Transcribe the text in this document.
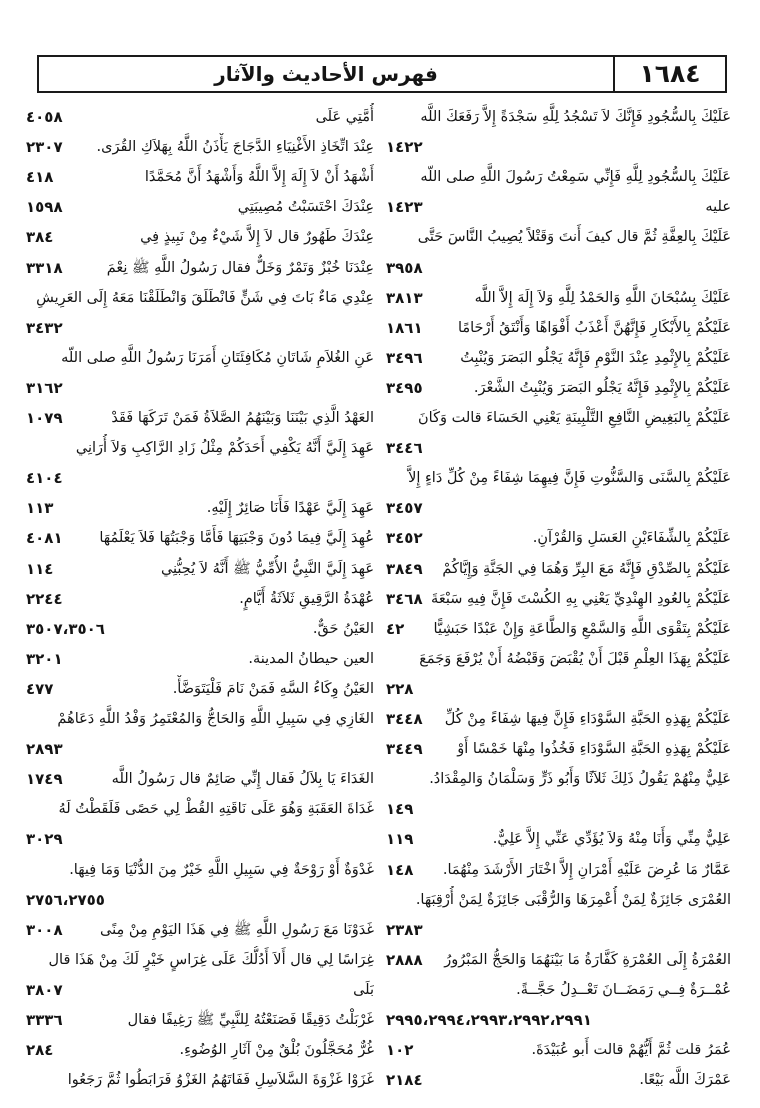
١٦٨٤
فهرس الأحاديث والآثار
عَلَيْكَ بِالسُّجُودِ فَإِنَّكَ لاَ تَسْجُدُ لِلَّهِ سَجْدَةً إِلاَّ رَفَعَكَ اللَّه
١٤٢٢
عَلَيْكَ بِالسُّجُودِ لِلَّهِ فَإِنِّي سَمِعْتُ رَسُولَ اللَّهِ صلى اللّه
عليه
١٤٢٣
عَلَيْكَ بِالعِفَّةِ ثُمَّ قال كيفَ أَنتَ وَقَتْلاً يُصِيبُ النَّاسَ حَتَّى
٣٩٥٨
عَلَيْكَ بِسُبْحَانَ اللَّهِ وَالحَمْدُ لِلَّهِ وَلاَ إِلَهَ إِلاَّ اللَّه
٣٨١٣
عَلَيْكُمْ بِالأَبْكَارِ فَإِنَّهُنَّ أَعْذَبُ أَفْوَاهًا وَأَنْتَقُ أَرْحَامًا
١٨٦١
عَلَيْكُمْ بِالإِثْمِدِ عِنْدَ النَّوْمِ فَإِنَّهُ يَجْلُو البَصَرَ وَيُنْبِتُ
٣٤٩٦
عَلَيْكُمْ بِالإِثْمِدِ فَإِنَّهُ يَجْلُو البَصَرَ وَيُنْبِتُ الشَّعْرَ.
٣٤٩٥
عَلَيْكُمْ بِالبَغِيضِ النَّافِعِ التَّلْبِينَةِ يَعْنِي الحَسَاءَ قالت وَكَانَ
٣٤٤٦
عَلَيْكُمْ بِالسَّنَى وَالسَّنُّوتِ فَإِنَّ فِيهِمَا شِفَاءً مِنْ كُلِّ دَاءٍ إِلاَّ
٣٤٥٧
عَلَيْكُمْ بِالشِّفَاءَيْنِ العَسَلِ وَالقُرْآنِ.
٣٤٥٢
عَلَيْكُمْ بِالصِّدْقِ فَإِنَّهُ مَعَ البِرِّ وَهُمَا فِي الجَنَّةِ وَإِيَّاكُمْ
٣٨٤٩
عَلَيْكُمْ بِالعُودِ الهِنْدِيِّ يَعْنِي بِهِ الكُسْتَ فَإِنَّ فِيهِ سَبْعَةَ
٣٤٦٨
عَلَيْكُمْ بِتَقْوَى اللَّهِ وَالسَّمْعِ وَالطَّاعَةِ وَإِنْ عَبْدًا حَبَشِيًّا
٤٢
عَلَيْكُمْ بِهَذَا العِلْمِ قَبْلَ أَنْ يُقْبَضَ وَقَبْضُهُ أَنْ يُرْفَعَ وَجَمَعَ
٢٢٨
عَلَيْكُمْ بِهَذِهِ الحَبَّةِ السَّوْدَاءِ فَإِنَّ فِيهَا شِفَاءً مِنْ كُلِّ
٣٤٤٨
عَلَيْكُمْ بِهَذِهِ الحَبَّةِ السَّوْدَاءِ فَخُذُوا مِنْهَا خَمْسًا أَوْ
٣٤٤٩
عَلِيٌّ مِنْهُمْ يَقُولُ ذَلِكَ ثَلاَثًا وَأَبُو ذَرٍّ وَسَلْمَانُ وَالمِقْدَادُ.
١٤٩
عَلِيٌّ مِنِّي وَأَنَا مِنْهُ وَلاَ يُؤَدِّي عَنِّي إِلاَّ عَلِيٌّ.
١١٩
عَمَّارٌ مَا عُرِضَ عَلَيْهِ أَمْرَانِ إِلاَّ اخْتَارَ الأَرْشَدَ مِنْهُمَا.
١٤٨
العُمْرَى جَائِزَةٌ لِمَنْ أُعْمِرَهَا وَالرُّقْبَى جَائِزَةٌ لِمَنْ أُرْقِبَهَا.
٢٣٨٣
العُمْرَةُ إِلَى العُمْرَةِ كَفَّارَةُ مَا بَيْنَهُمَا وَالحَجُّ المَبْرُورُ
٢٨٨٨
عُمْــرَةٌ فِــي رَمَضَــانَ تَعْــدِلُ حَجَّــةً.
٢٩٩٥،٢٩٩٤،٢٩٩٣،٢٩٩٢،٢٩٩١
عُمَرُ قلت ثُمَّ أَيُّهُمْ قالت أَبو عُبَيْدَةَ.
١٠٢
عَمْرَكَ اللَّه بَيْعًا.
٢١٨٤
أُمَّتِي عَلَى
٤٠٥٨
عِنْدَ اتِّخَاذِ الأَغْنِيَاءِ الدَّجَاجَ يَأْذَنُ اللَّهُ بِهَلاَكِ القُرَى.
٢٣٠٧
أَشْهَدُ أَنْ لاَ إِلَهَ إِلاَّ اللَّهُ وَأَشْهَدُ أَنَّ مُحَمَّدًا
٤١٨
عِنْدَكَ احْتَسَبْتُ مُصِيبَتِي
١٥٩٨
عِنْدَكَ طَهُورٌ قال لاَ إِلاَّ شَيْءٌ مِنْ نَبِيذٍ فِي
٣٨٤
عِنْدَنَا خُبْزٌ وَتَمْرٌ وَخَلٌّ فقال رَسُولُ اللَّهِ ﷺ نِعْمَ
٣٣١٨
عِنْدِي مَاءٌ بَاتَ فِي شَنٍّ فَانْطَلَقَ وَانْطَلَقْنَا مَعَهُ إِلَى العَرِيشِ
٣٤٣٢
عَنِ الغُلاَمِ شَاتَانِ مُكَافِئَتَانِ أَمَرَنَا رَسُولُ اللَّهِ صلى اللّه
٣١٦٢
العَهْدُ الَّذِي بَيْنَنَا وَبَيْنَهُمُ الصَّلاَةُ فَمَنْ تَرَكَهَا فَقَدْ
١٠٧٩
عَهِدَ إِلَيَّ أَنَّهُ يَكْفِي أَحَدَكُمْ مِثْلُ زَادِ الرَّاكِبِ وَلاَ أُرَانِي
٤١٠٤
عَهِدَ إِلَيَّ عَهْدًا فَأَنَا صَائِرٌ إِلَيْهِ.
١١٣
عُهِدَ إِلَيَّ فِيمَا دُونَ وَجْبَتِهَا فَأَمَّا وَجْبَتُهَا فَلاَ يَعْلَمُهَا
٤٠٨١
عَهِدَ إِلَيَّ النَّبِيُّ الأُمِّيُّ ﷺ أَنَّهُ لاَ يُحِبُّنِي
١١٤
عُهْدَةُ الرَّقِيقِ ثَلاَثَةُ أَيَّامٍ.
٢٢٤٤
العَيْنُ حَقٌّ.
٣٥٠٧،٣٥٠٦
العين حيطانُ المدينة.
٣٢٠١
العَيْنُ وِكَاءُ السَّهِ فَمَنْ نَامَ فَلْيَتَوَضَّأْ.
٤٧٧
الغَازِي فِي سَبِيلِ اللَّهِ وَالحَاجُّ وَالمُعْتَمِرُ وَفْدُ اللَّهِ دَعَاهُمْ
٢٨٩٣
الغَدَاءَ يَا بِلاَلُ فَقال إِنِّي صَائِمٌ قال رَسُولُ اللَّه
١٧٤٩
غَدَاةَ العَقَبَةِ وَهُوَ عَلَى نَاقَتِهِ القُطْ لِي حَصًى فَلَقَطْتُ لَهُ
٣٠٢٩
غَدْوَةٌ أَوْ رَوْحَةٌ فِي سَبِيلِ اللَّهِ خَيْرٌ مِنَ الدُّنْيَا وَمَا فِيهَا.
٢٧٥٦،٢٧٥٥
غَدَوْنَا مَعَ رَسُولِ اللَّهِ ﷺ فِي هَذَا اليَوْمِ مِنْ مِنًى
٣٠٠٨
غِرَاسًا لِي قال أَلاَ أَدُلُّكَ عَلَى غِرَاسٍ خَيْرٍ لَكَ مِنْ هَذَا قال
بَلَى
٣٨٠٧
غَرْبَلْتُ دَقِيقًا فَصَنَعْتُهُ لِلنَّبِيِّ ﷺ رَغِيفًا فقال
٣٣٣٦
غُرٌّ مُحَجَّلُونَ بُلْقٌ مِنْ آثَارِ الوُضُوءِ.
٢٨٤
غَزَوْا غَزْوَةَ السَّلاَسِلِ فَفَاتَهُمُ الغَزْوُ فَرَابَطُوا ثُمَّ رَجَعُوا
